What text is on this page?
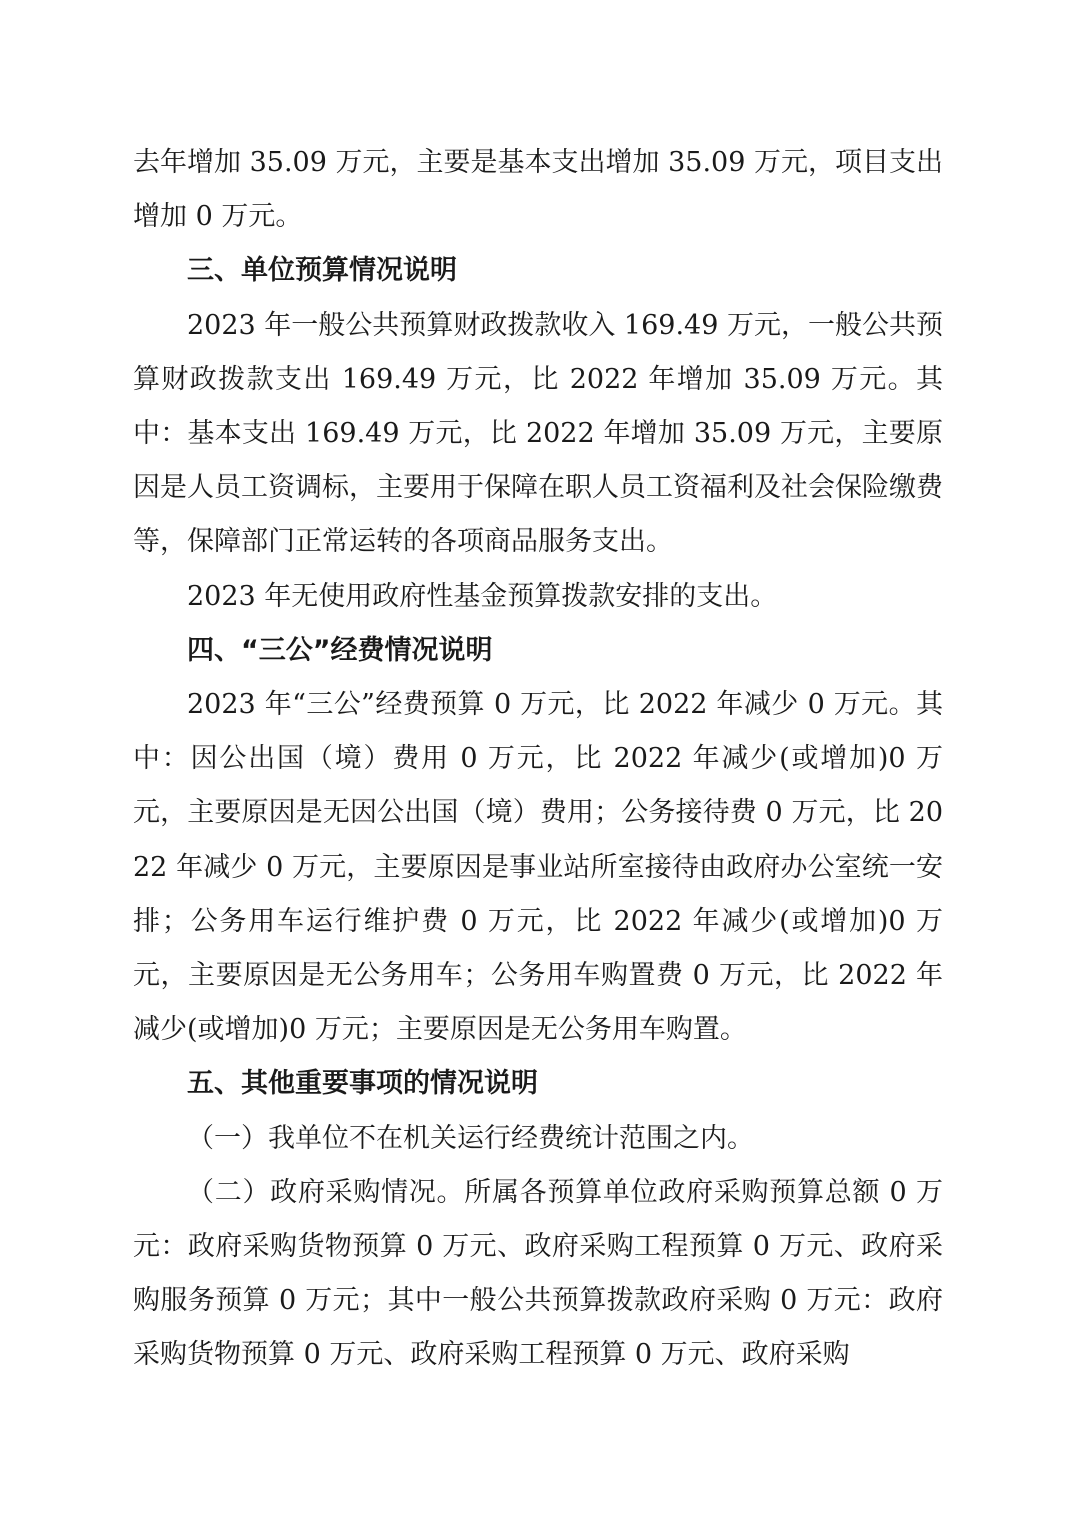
去年增加 35.09 万元，主要是基本支出增加 35.09 万元，项目支出增加 0 万元。

三、单位预算情况说明

2023 年一般公共预算财政拨款收入 169.49 万元，一般公共预算财政拨款支出 169.49 万元，比 2022 年增加 35.09 万元。其中：基本支出 169.49 万元，比 2022 年增加 35.09 万元，主要原因是人员工资调标，主要用于保障在职人员工资福利及社会保险缴费等，保障部门正常运转的各项商品服务支出。

2023 年无使用政府性基金预算拨款安排的支出。

四、“三公”经费情况说明

2023 年“三公”经费预算 0 万元，比 2022 年减少 0 万元。其中：因公出国（境）费用 0 万元，比 2022 年减少(或增加)0 万元，主要原因是无因公出国（境）费用；公务接待费 0 万元，比 2022 年减少 0 万元，主要原因是事业站所室接待由政府办公室统一安排；公务用车运行维护费 0 万元，比 2022 年减少(或增加)0 万元，主要原因是无公务用车；公务用车购置费 0 万元，比 2022 年减少(或增加)0 万元；主要原因是无公务用车购置。

五、其他重要事项的情况说明

（一）我单位不在机关运行经费统计范围之内。

（二）政府采购情况。所属各预算单位政府采购预算总额 0 万元：政府采购货物预算 0 万元、政府采购工程预算 0 万元、政府采购服务预算 0 万元；其中一般公共预算拨款政府采购 0 万元：政府采购货物预算 0 万元、政府采购工程预算 0 万元、政府采购
